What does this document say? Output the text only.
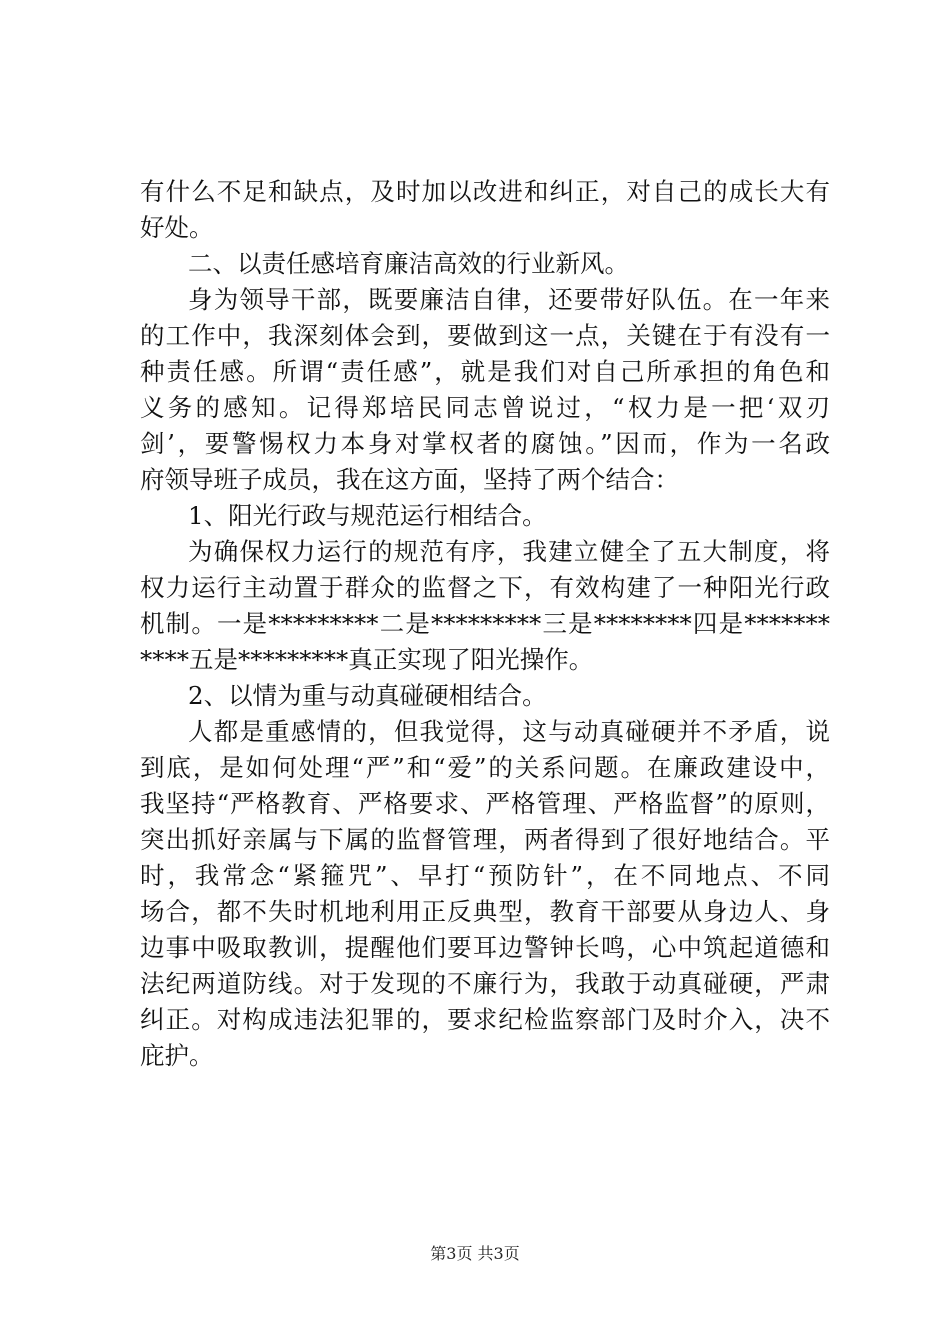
有什么不足和缺点，及时加以改进和纠正，对自己的成长大有
好处。
二、以责任感培育廉洁高效的行业新风。
身为领导干部，既要廉洁自律，还要带好队伍。在一年来
的工作中，我深刻体会到，要做到这一点，关键在于有没有一
种责任感。所谓“责任感”，就是我们对自己所承担的角色和
义务的感知。记得郑培民同志曾说过，“权力是一把‘双刃
剑’，要警惕权力本身对掌权者的腐蚀。”因而，作为一名政
府领导班子成员，我在这方面，坚持了两个结合：
1、阳光行政与规范运行相结合。
为确保权力运行的规范有序，我建立健全了五大制度，将
权力运行主动置于群众的监督之下，有效构建了一种阳光行政
机制。一是*********二是*********三是********四是*******
****五是*********真正实现了阳光操作。
2、以情为重与动真碰硬相结合。
人都是重感情的，但我觉得，这与动真碰硬并不矛盾，说
到底，是如何处理“严”和“爱”的关系问题。在廉政建设中，
我坚持“严格教育、严格要求、严格管理、严格监督”的原则，
突出抓好亲属与下属的监督管理，两者得到了很好地结合。平
时，我常念“紧箍咒”、早打“预防针”，在不同地点、不同
场合，都不失时机地利用正反典型，教育干部要从身边人、身
边事中吸取教训，提醒他们要耳边警钟长鸣，心中筑起道德和
法纪两道防线。对于发现的不廉行为，我敢于动真碰硬，严肃
纠正。对构成违法犯罪的，要求纪检监察部门及时介入，决不
庇护。
第3页 共3页
